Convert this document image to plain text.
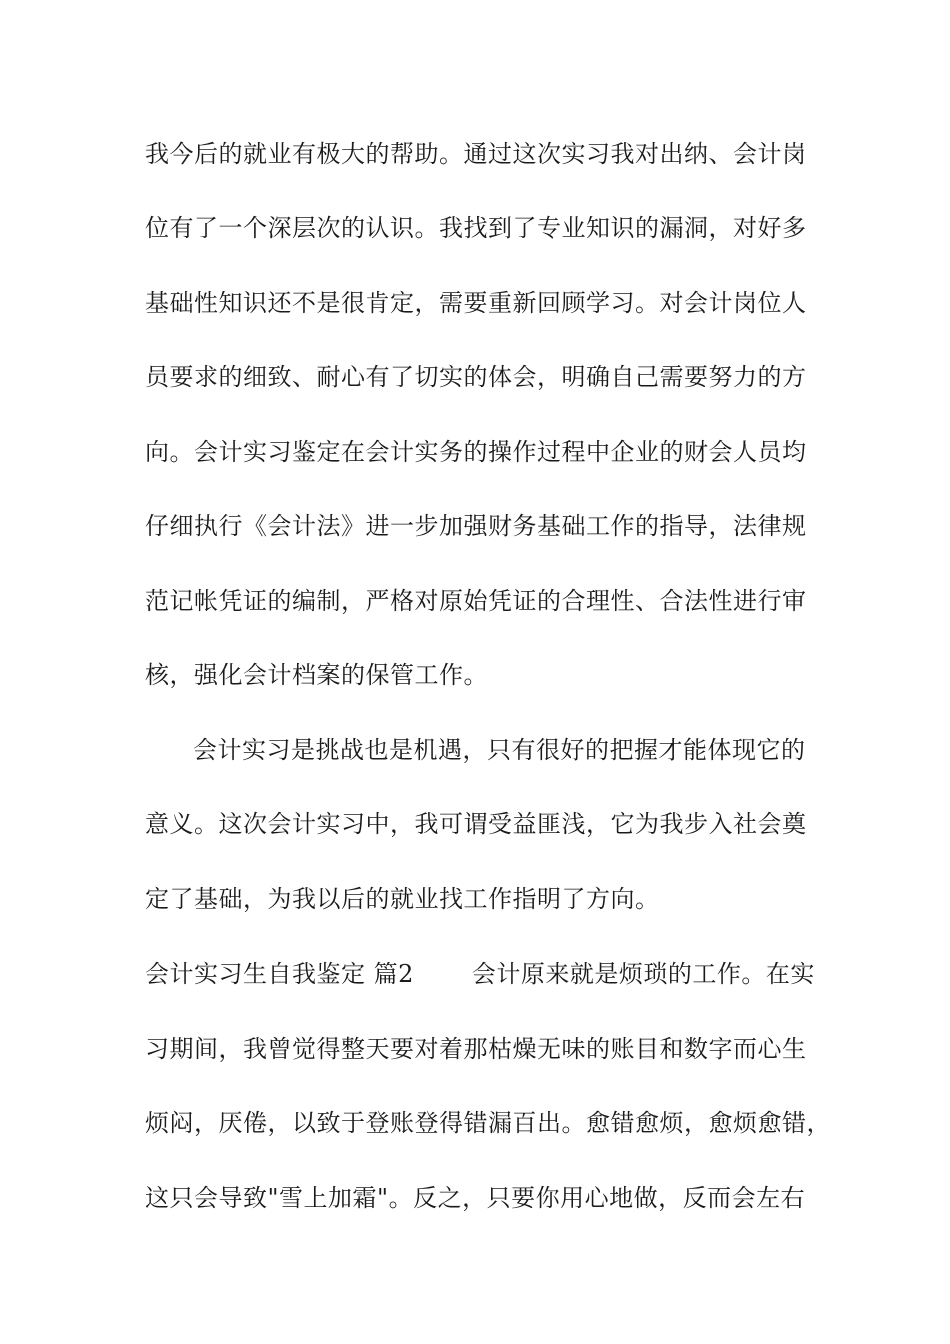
我今后的就业有极大的帮助。通过这次实习我对出纳、会计岗
位有了一个深层次的认识。我找到了专业知识的漏洞，对好多
基础性知识还不是很肯定，需要重新回顾学习。对会计岗位人
员要求的细致、耐心有了切实的体会，明确自己需要努力的方
向。会计实习鉴定在会计实务的操作过程中企业的财会人员均
仔细执行《会计法》进一步加强财务基础工作的指导，法律规
范记帐凭证的编制，严格对原始凭证的合理性、合法性进行审
核，强化会计档案的保管工作。
会计实习是挑战也是机遇，只有很好的把握才能体现它的
意义。这次会计实习中，我可谓受益匪浅，它为我步入社会奠
定了基础，为我以后的就业找工作指明了方向。
会计实习生自我鉴定 篇2 会计原来就是烦琐的工作。在实
习期间，我曾觉得整天要对着那枯燥无味的账目和数字而心生
烦闷，厌倦，以致于登账登得错漏百出。愈错愈烦，愈烦愈错，
这只会导致"雪上加霜"。反之，只要你用心地做，反而会左右
